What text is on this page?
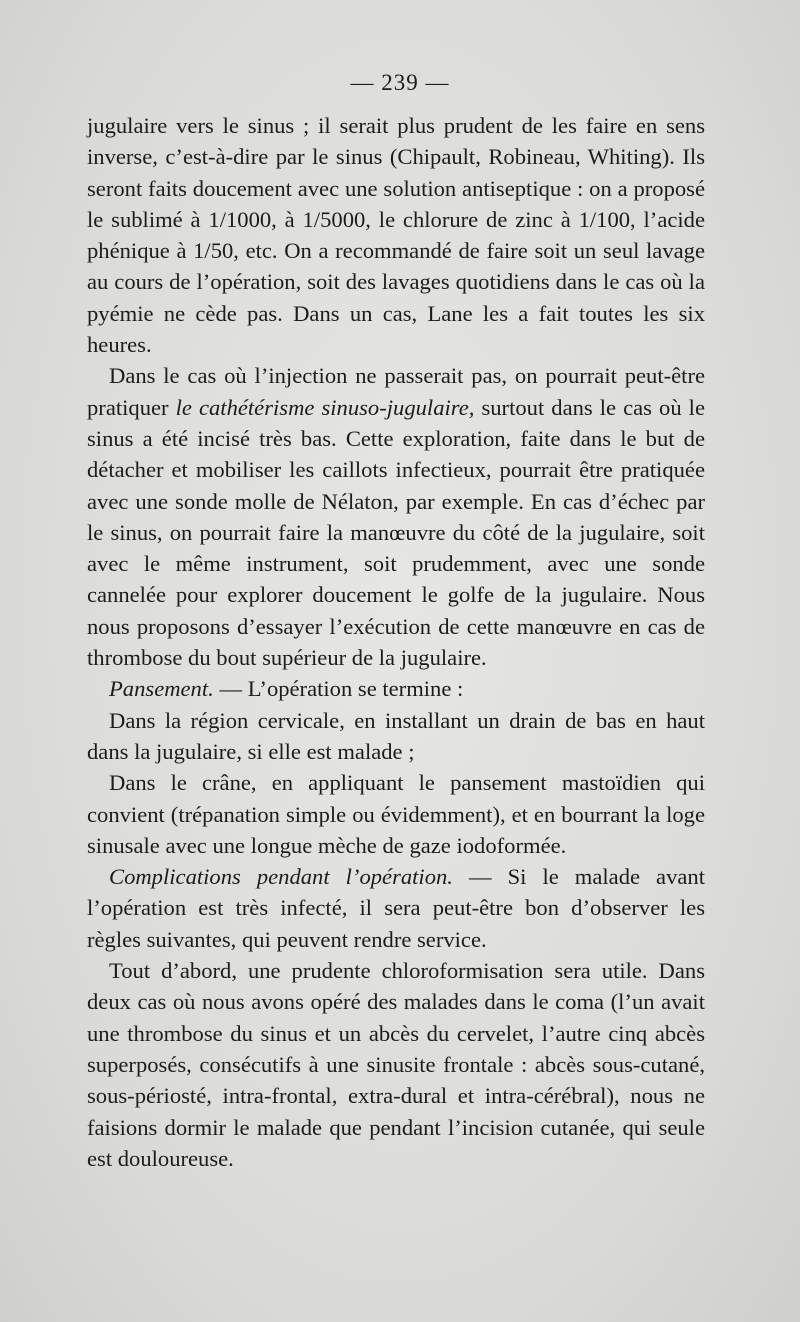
— 239 —

jugulaire vers le sinus ; il serait plus prudent de les faire en sens inverse, c’est-à-dire par le sinus (Chipault, Robineau, Whiting). Ils seront faits doucement avec une solution antiseptique : on a proposé le sublimé à 1/1000, à 1/5000, le chlorure de zinc à 1/100, l’acide phénique à 1/50, etc. On a recommandé de faire soit un seul lavage au cours de l’opération, soit des lavages quotidiens dans le cas où la pyémie ne cède pas. Dans un cas, Lane les a fait toutes les six heures.

Dans le cas où l’injection ne passerait pas, on pourrait peut-être pratiquer le cathétérisme sinuso-jugulaire, surtout dans le cas où le sinus a été incisé très bas. Cette exploration, faite dans le but de détacher et mobiliser les caillots infectieux, pourrait être pratiquée avec une sonde molle de Nélaton, par exemple. En cas d’échec par le sinus, on pourrait faire la manœuvre du côté de la jugulaire, soit avec le même instrument, soit prudemment, avec une sonde cannelée pour explorer doucement le golfe de la jugulaire. Nous nous proposons d’essayer l’exécution de cette manœuvre en cas de thrombose du bout supérieur de la jugulaire.

Pansement. — L’opération se termine :

Dans la région cervicale, en installant un drain de bas en haut dans la jugulaire, si elle est malade ;

Dans le crâne, en appliquant le pansement mastoïdien qui convient (trépanation simple ou évidemment), et en bourrant la loge sinusale avec une longue mèche de gaze iodoformée.

Complications pendant l’opération. — Si le malade avant l’opération est très infecté, il sera peut-être bon d’observer les règles suivantes, qui peuvent rendre service.

Tout d’abord, une prudente chloroformisation sera utile. Dans deux cas où nous avons opéré des malades dans le coma (l’un avait une thrombose du sinus et un abcès du cervelet, l’autre cinq abcès superposés, consécutifs à une sinusite frontale : abcès sous-cutané, sous-périosté, intra-frontal, extra-dural et intra-cérébral), nous ne faisions dormir le malade que pendant l’incision cutanée, qui seule est douloureuse.
